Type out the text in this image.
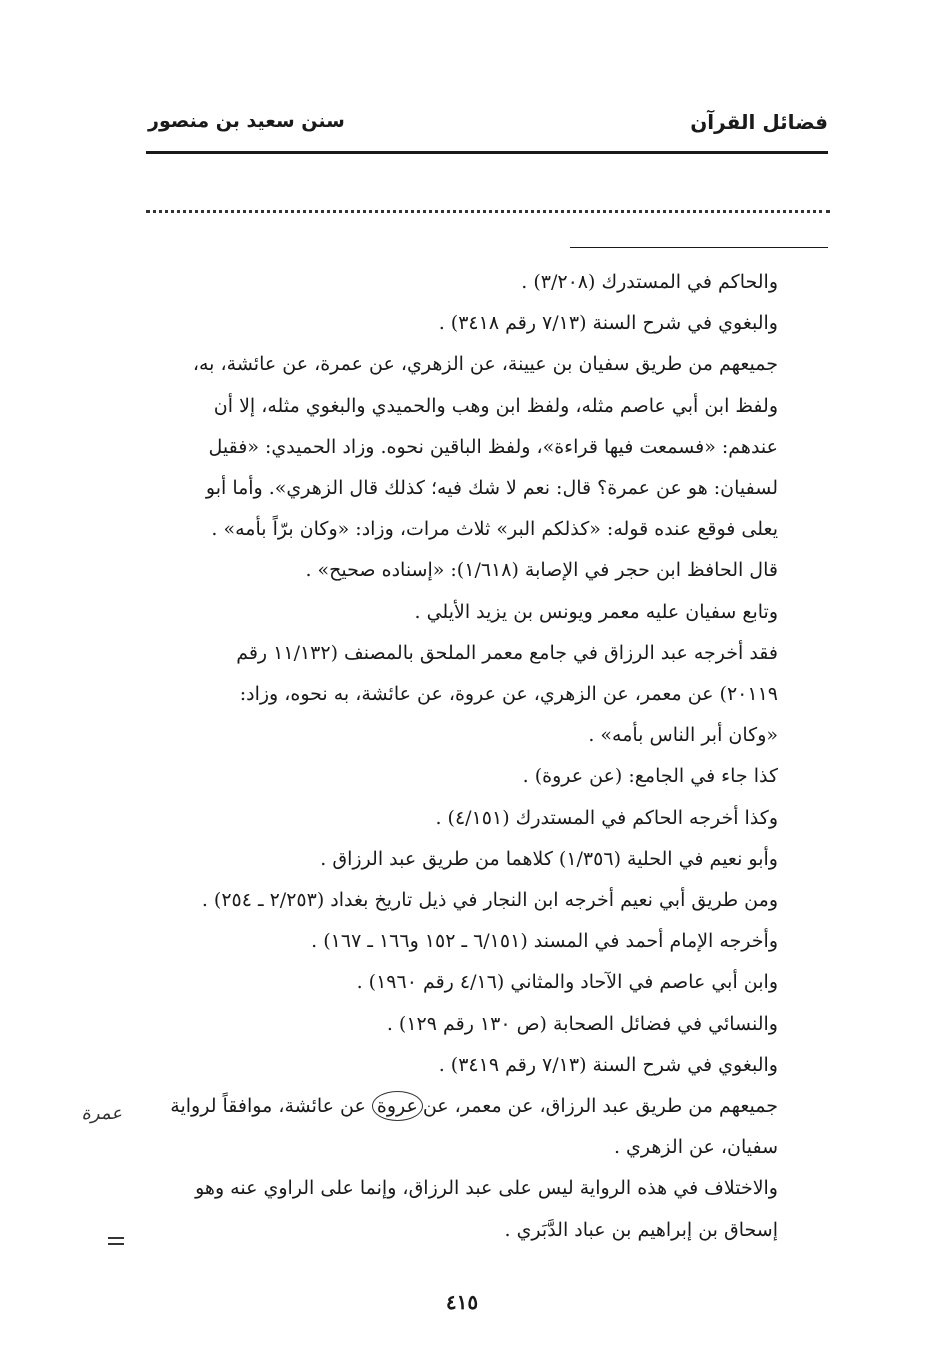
فضائل القرآن
سنن سعيد بن منصور
والحاكم في المستدرك (٣/٢٠٨) .
والبغوي في شرح السنة (٧/١٣ رقم ٣٤١٨) .
جميعهم من طريق سفيان بن عيينة، عن الزهري، عن عمرة، عن عائشة، به،
ولفظ ابن أبي عاصم مثله، ولفظ ابن وهب والحميدي والبغوي مثله، إلا أن
عندهم: «فسمعت فيها قراءة»، ولفظ الباقين نحوه. وزاد الحميدي: «فقيل
لسفيان: هو عن عمرة؟ قال: نعم لا شك فيه؛ كذلك قال الزهري». وأما أبو
يعلى فوقع عنده قوله: «كذلكم البر» ثلاث مرات، وزاد: «وكان برّاً بأمه» .
قال الحافظ ابن حجر في الإصابة (١/٦١٨): «إسناده صحيح» .
وتابع سفيان عليه معمر ويونس بن يزيد الأيلي .
فقد أخرجه عبد الرزاق في جامع معمر الملحق بالمصنف (١١/١٣٢ رقم
٢٠١١٩) عن معمر، عن الزهري، عن عروة، عن عائشة، به نحوه، وزاد:
«وكان أبر الناس بأمه» .
كذا جاء في الجامع: (عن عروة) .
وكذا أخرجه الحاكم في المستدرك (٤/١٥١) .
وأبو نعيم في الحلية (١/٣٥٦) كلاهما من طريق عبد الرزاق .
ومن طريق أبي نعيم أخرجه ابن النجار في ذيل تاريخ بغداد (٢/٢٥٣ ـ ٢٥٤) .
وأخرجه الإمام أحمد في المسند (٦/١٥١ ـ ١٥٢ و١٦٦ ـ ١٦٧) .
وابن أبي عاصم في الآحاد والمثاني (٤/١٦ رقم ١٩٦٠) .
والنسائي في فضائل الصحابة (ص ١٣٠ رقم ١٢٩) .
والبغوي في شرح السنة (٧/١٣ رقم ٣٤١٩) .
جميعهم من طريق عبد الرزاق، عن معمر، عنعروة عن عائشة، موافقاً لرواية
سفيان، عن الزهري .
والاختلاف في هذه الرواية ليس على عبد الرزاق، وإنما على الراوي عنه وهو
إسحاق بن إبراهيم بن عباد الدَّبَري .
عمرة
٤١٥
